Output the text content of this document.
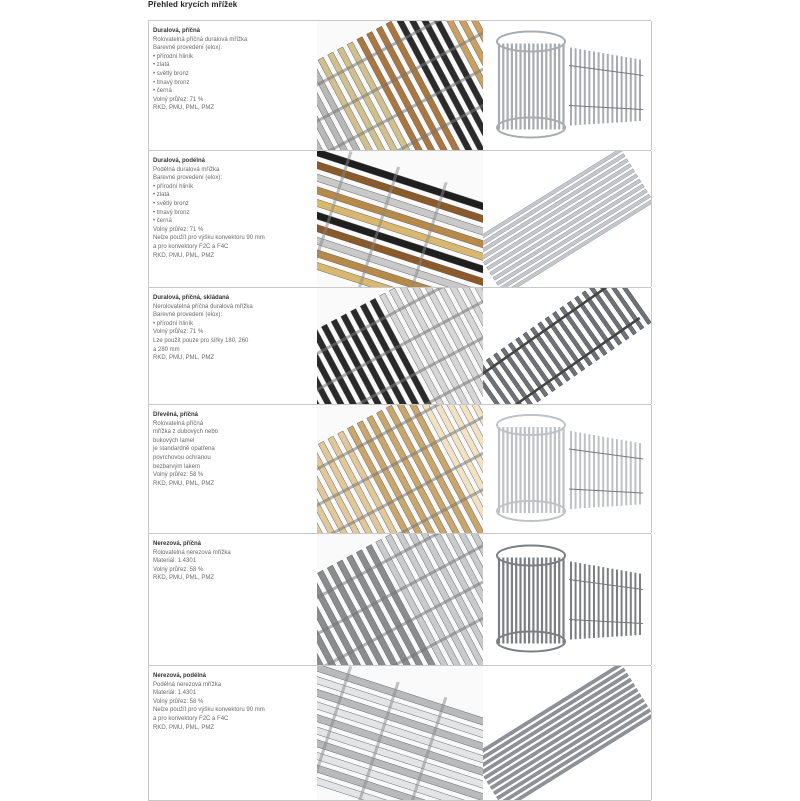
Přehled krycích mřížek
Duralová, příčná
Rolovatelná příčná duralová mřížka
Barevné provedení (elox):
• přírodní hliník
• zlatá
• světlý bronz
• tmavý bronz
• černá
Volný průřez: 71 %
RKD, PMU, PML, PMZ
Duralová, podélná
Podélná duralová mřížka
Barevné provedení (elox):
• přírodní hliník
• zlatá
• světlý bronz
• tmavý bronz
• černá
Volný průřez: 71 %
Nelze použít pro výšku konvektoru 90 mm
a pro konvektory F2C a F4C
RKD, PMU, PML, PMZ
Duralová, příčná, skládaná
Nerolovatelná příčná duralová mřížka
Barevné provedení (elox):
• přírodní hliník
Volný průřez: 71 %
Lze použít pouze pro šířky 180, 260
a 280 mm
RKD, PMU, PML, PMZ
Dřevěná, příčná
Rolovatelná příčná
mřížka z dubových nebo
bukových lamel
je standardně opatřena
povrchovou ochranou
bezbarvým lakem
Volný průřez: 58 %
RKD, PMU, PML, PMZ
Nerezová, příčná
Rolovatelná nerezová mřížka
Materiál: 1.4301
Volný průřez: 58 %
RKD, PMU, PML, PMZ
Nerezová, podélná
Podélná nerezová mřížka
Materiál: 1.4301
Volný průřez: 58 %
Nelze použít pro výšku konvektoru 90 mm
a pro konvektory F2C a F4C
RKD, PMU, PML, PMZ
